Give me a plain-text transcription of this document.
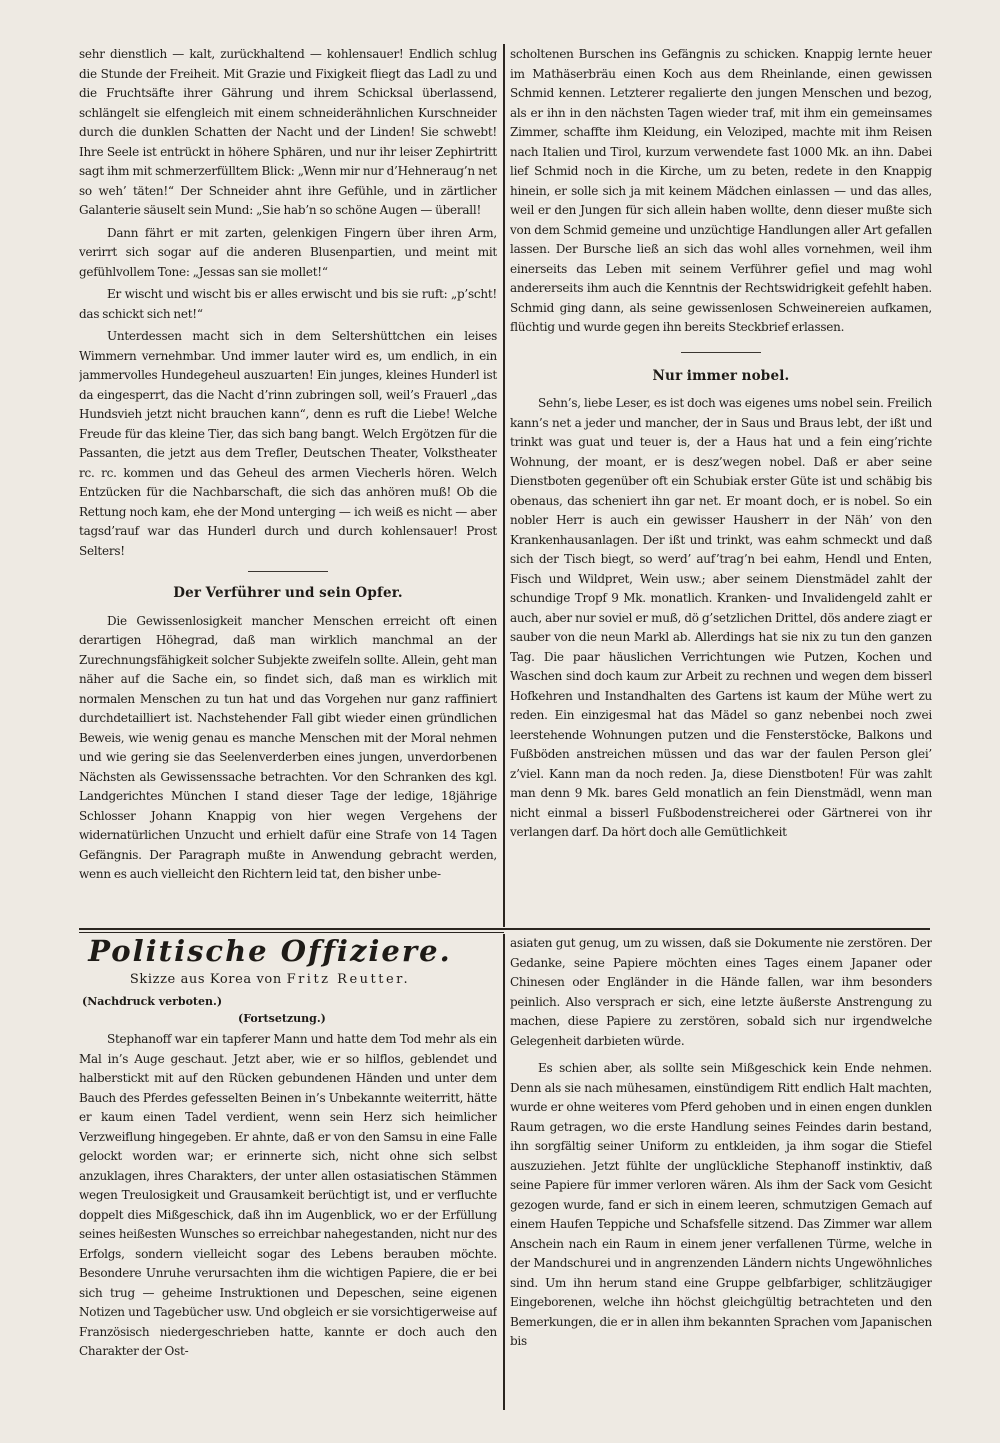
sehr dienstlich — kalt, zurückhaltend — kohlensauer! Endlich schlug die Stunde der Freiheit. Mit Grazie und Fixigkeit fliegt das Ladl zu und die Fruchtsäfte ihrer Gährung und ihrem Schicksal überlassend, schlängelt sie elfengleich mit einem schneiderähnlichen Kurschneider durch die dunklen Schatten der Nacht und der Linden! Sie schwebt! Ihre Seele ist entrückt in höhere Sphären, und nur ihr leiser Zephirtritt sagt ihm mit schmerzerfülltem Blick: „Wenn mir nur d’Hehneraug’n net so weh’ täten!“ Der Schneider ahnt ihre Gefühle, und in zärtlicher Galanterie säuselt sein Mund: „Sie hab’n so schöne Augen — überall!

Dann fährt er mit zarten, gelenkigen Fingern über ihren Arm, verirrt sich sogar auf die anderen Blusenpartien, und meint mit gefühlvollem Tone: „Jessas san sie mollet!“

Er wischt und wischt bis er alles erwischt und bis sie ruft: „p’scht! das schickt sich net!“

Unterdessen macht sich in dem Seltershüttchen ein leises Wimmern vernehmbar. Und immer lauter wird es, um endlich, in ein jammervolles Hundegeheul auszuarten! Ein junges, kleines Hunderl ist da eingesperrt, das die Nacht d’rinn zubringen soll, weil’s Frauerl „das Hundsvieh jetzt nicht brauchen kann“, denn es ruft die Liebe! Welche Freude für das kleine Tier, das sich bang bangt. Welch Ergötzen für die Passanten, die jetzt aus dem Trefler, Deutschen Theater, Volkstheater rc. rc. kommen und das Geheul des armen Viecherls hören. Welch Entzücken für die Nachbarschaft, die sich das anhören muß! Ob die Rettung noch kam, ehe der Mond unterging — ich weiß es nicht — aber tagsd’rauf war das Hunderl durch und durch kohlensauer! Prost Selters!

Der Verführer und sein Opfer.

Die Gewissenlosigkeit mancher Menschen erreicht oft einen derartigen Höhegrad, daß man wirklich manchmal an der Zurechnungsfähigkeit solcher Subjekte zweifeln sollte. Allein, geht man näher auf die Sache ein, so findet sich, daß man es wirklich mit normalen Menschen zu tun hat und das Vorgehen nur ganz raffiniert durchdetailliert ist. Nachstehender Fall gibt wieder einen gründlichen Beweis, wie wenig genau es manche Menschen mit der Moral nehmen und wie gering sie das Seelenverderben eines jungen, unverdorbenen Nächsten als Gewissenssache betrachten. Vor den Schranken des kgl. Landgerichtes München I stand dieser Tage der ledige, 18jährige Schlosser Johann Knappig von hier wegen Vergehens der widernatürlichen Unzucht und erhielt dafür eine Strafe von 14 Tagen Gefängnis. Der Paragraph mußte in Anwendung gebracht werden, wenn es auch vielleicht den Richtern leid tat, den bisher unbe-

scholtenen Burschen ins Gefängnis zu schicken. Knappig lernte heuer im Mathäserbräu einen Koch aus dem Rheinlande, einen gewissen Schmid kennen. Letzterer regalierte den jungen Menschen und bezog, als er ihn in den nächsten Tagen wieder traf, mit ihm ein gemeinsames Zimmer, schaffte ihm Kleidung, ein Veloziped, machte mit ihm Reisen nach Italien und Tirol, kurzum verwendete fast 1000 Mk. an ihn. Dabei lief Schmid noch in die Kirche, um zu beten, redete in den Knappig hinein, er solle sich ja mit keinem Mädchen einlassen — und das alles, weil er den Jungen für sich allein haben wollte, denn dieser mußte sich von dem Schmid gemeine und unzüchtige Handlungen aller Art gefallen lassen. Der Bursche ließ an sich das wohl alles vornehmen, weil ihm einerseits das Leben mit seinem Verführer gefiel und mag wohl andererseits ihm auch die Kenntnis der Rechtswidrigkeit gefehlt haben. Schmid ging dann, als seine gewissenlosen Schweinereien aufkamen, flüchtig und wurde gegen ihn bereits Steckbrief erlassen.

Nur immer nobel.

Sehn’s, liebe Leser, es ist doch was eigenes ums nobel sein. Freilich kann’s net a jeder und mancher, der in Saus und Braus lebt, der ißt und trinkt was guat und teuer is, der a Haus hat und a fein eing’richte Wohnung, der moant, er is desz’wegen nobel. Daß er aber seine Dienstboten gegenüber oft ein Schubiak erster Güte ist und schäbig bis obenaus, das scheniert ihn gar net. Er moant doch, er is nobel. So ein nobler Herr is auch ein gewisser Hausherr in der Näh’ von den Krankenhausanlagen. Der ißt und trinkt, was eahm schmeckt und daß sich der Tisch biegt, so werd’ auf’trag’n bei eahm, Hendl und Enten, Fisch und Wildpret, Wein usw.; aber seinem Dienstmädel zahlt der schundige Tropf 9 Mk. monatlich. Kranken- und Invalidengeld zahlt er auch, aber nur soviel er muß, dö g’setzlichen Drittel, dös andere ziagt er sauber von die neun Markl ab. Allerdings hat sie nix zu tun den ganzen Tag. Die paar häuslichen Verrichtungen wie Putzen, Kochen und Waschen sind doch kaum zur Arbeit zu rechnen und wegen dem bisserl Hofkehren und Instandhalten des Gartens ist kaum der Mühe wert zu reden. Ein einzigesmal hat das Mädel so ganz nebenbei noch zwei leerstehende Wohnungen putzen und die Fensterstöcke, Balkons und Fußböden anstreichen müssen und das war der faulen Person glei’ z’viel. Kann man da noch reden. Ja, diese Dienstboten! Für was zahlt man denn 9 Mk. bares Geld monatlich an fein Dienstmädl, wenn man nicht einmal a bisserl Fußbodenstreicherei oder Gärtnerei von ihr verlangen darf. Da hört doch alle Gemütlichkeit

Politische Offiziere.
Skizze aus Korea von Fritz Reutter.
(Nachdruck verboten.)
(Fortsetzung.)

Stephanoff war ein tapferer Mann und hatte dem Tod mehr als ein Mal in’s Auge geschaut. Jetzt aber, wie er so hilflos, geblendet und halberstickt mit auf den Rücken gebundenen Händen und unter dem Bauch des Pferdes gefesselten Beinen in’s Unbekannte weiterritt, hätte er kaum einen Tadel verdient, wenn sein Herz sich heimlicher Verzweiflung hingegeben. Er ahnte, daß er von den Samsu in eine Falle gelockt worden war; er erinnerte sich, nicht ohne sich selbst anzuklagen, ihres Charakters, der unter allen ostasiatischen Stämmen wegen Treulosigkeit und Grausamkeit berüchtigt ist, und er verfluchte doppelt dies Mißgeschick, daß ihn im Augenblick, wo er der Erfüllung seines heißesten Wunsches so erreichbar nahegestanden, nicht nur des Erfolgs, sondern vielleicht sogar des Lebens berauben möchte. Besondere Unruhe verursachten ihm die wichtigen Papiere, die er bei sich trug — geheime Instruktionen und Depeschen, seine eigenen Notizen und Tagebücher usw. Und obgleich er sie vorsichtigerweise auf Französisch niedergeschrieben hatte, kannte er doch auch den Charakter der Ost-

asiaten gut genug, um zu wissen, daß sie Dokumente nie zerstören. Der Gedanke, seine Papiere möchten eines Tages einem Japaner oder Chinesen oder Engländer in die Hände fallen, war ihm besonders peinlich. Also versprach er sich, eine letzte äußerste Anstrengung zu machen, diese Papiere zu zerstören, sobald sich nur irgendwelche Gelegenheit darbieten würde.

Es schien aber, als sollte sein Mißgeschick kein Ende nehmen. Denn als sie nach mühesamen, einstündigem Ritt endlich Halt machten, wurde er ohne weiteres vom Pferd gehoben und in einen engen dunklen Raum getragen, wo die erste Handlung seines Feindes darin bestand, ihn sorgfältig seiner Uniform zu entkleiden, ja ihm sogar die Stiefel auszuziehen. Jetzt fühlte der unglückliche Stephanoff instinktiv, daß seine Papiere für immer verloren wären. Als ihm der Sack vom Gesicht gezogen wurde, fand er sich in einem leeren, schmutzigen Gemach auf einem Haufen Teppiche und Schafsfelle sitzend. Das Zimmer war allem Anschein nach ein Raum in einem jener verfallenen Türme, welche in der Mandschurei und in angrenzenden Ländern nichts Ungewöhnliches sind. Um ihn herum stand eine Gruppe gelbfarbiger, schlitzäugiger Eingeborenen, welche ihn höchst gleichgültig betrachteten und den Bemerkungen, die er in allen ihm bekannten Sprachen vom Japanischen bis
